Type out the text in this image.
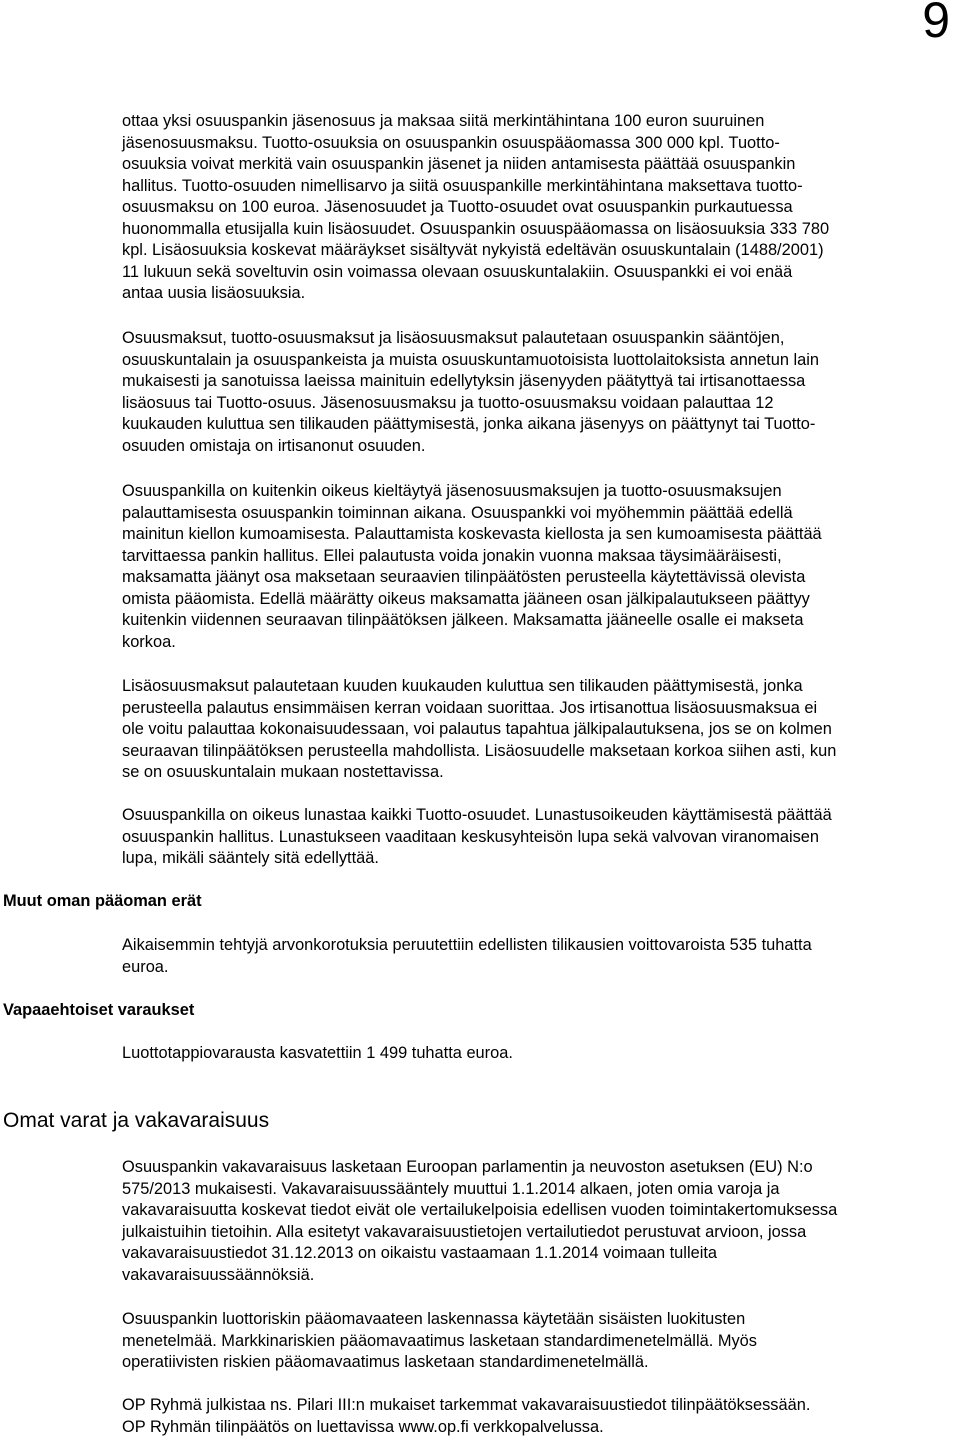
9

ottaa yksi osuuspankin jäsenosuus ja maksaa siitä merkintähintana 100 euron suuruinen
jäsenosuusmaksu. Tuotto-osuuksia on osuuspankin osuuspääomassa 300 000 kpl. Tuotto-
osuuksia voivat merkitä vain osuuspankin jäsenet ja niiden antamisesta päättää osuuspankin
hallitus. Tuotto-osuuden nimellisarvo ja siitä osuuspankille merkintähintana maksettava tuotto-
osuusmaksu on 100 euroa. Jäsenosuudet ja Tuotto-osuudet ovat osuuspankin purkautuessa
huonommalla etusijalla kuin lisäosuudet. Osuuspankin osuuspääomassa on lisäosuuksia 333 780
kpl. Lisäosuuksia koskevat määräykset sisältyvät nykyistä edeltävän osuuskuntalain (1488/2001)
11 lukuun sekä soveltuvin osin voimassa olevaan osuuskuntalakiin. Osuuspankki ei voi enää
antaa uusia lisäosuuksia.

Osuusmaksut, tuotto-osuusmaksut ja lisäosuusmaksut palautetaan osuuspankin sääntöjen,
osuuskuntalain ja osuuspankeista ja muista osuuskuntamuotoisista luottolaitoksista annetun lain
mukaisesti ja sanotuissa laeissa mainituin edellytyksin jäsenyyden päätyttyä tai irtisanottaessa
lisäosuus tai Tuotto-osuus. Jäsenosuusmaksu ja tuotto-osuusmaksu voidaan palauttaa 12
kuukauden kuluttua sen tilikauden päättymisestä, jonka aikana jäsenyys on päättynyt tai Tuotto-
osuuden omistaja on irtisanonut osuuden.

Osuuspankilla on kuitenkin oikeus kieltäytyä jäsenosuusmaksujen ja tuotto-osuusmaksujen
palauttamisesta osuuspankin toiminnan aikana. Osuuspankki voi myöhemmin päättää edellä
mainitun kiellon kumoamisesta. Palauttamista koskevasta kiellosta ja sen kumoamisesta päättää
tarvittaessa pankin hallitus. Ellei palautusta voida jonakin vuonna maksaa täysimääräisesti,
maksamatta jäänyt osa maksetaan seuraavien tilinpäätösten perusteella käytettävissä olevista
omista pääomista. Edellä määrätty oikeus maksamatta jääneen osan jälkipalautukseen päättyy
kuitenkin viidennen seuraavan tilinpäätöksen jälkeen. Maksamatta jääneelle osalle ei makseta
korkoa.

Lisäosuusmaksut palautetaan kuuden kuukauden kuluttua sen tilikauden päättymisestä, jonka
perusteella palautus ensimmäisen kerran voidaan suorittaa. Jos irtisanottua lisäosuusmaksua ei
ole voitu palauttaa kokonaisuudessaan, voi palautus tapahtua jälkipalautuksena, jos se on kolmen
seuraavan tilinpäätöksen perusteella mahdollista. Lisäosuudelle maksetaan korkoa siihen asti, kun
se on osuuskuntalain mukaan nostettavissa.

Osuuspankilla on oikeus lunastaa kaikki Tuotto-osuudet. Lunastusoikeuden käyttämisestä päättää
osuuspankin hallitus. Lunastukseen vaaditaan keskusyhteisön lupa sekä valvovan viranomaisen
lupa, mikäli sääntely sitä edellyttää.

Muut oman pääoman erät

Aikaisemmin tehtyjä arvonkorotuksia peruutettiin edellisten tilikausien voittovaroista 535 tuhatta
euroa.

Vapaaehtoiset varaukset

Luottotappiovarausta kasvatettiin 1 499 tuhatta euroa.

Omat varat ja vakavaraisuus

Osuuspankin vakavaraisuus lasketaan Euroopan parlamentin ja neuvoston asetuksen (EU) N:o
575/2013 mukaisesti. Vakavaraisuussääntely muuttui 1.1.2014 alkaen, joten omia varoja ja
vakavaraisuutta koskevat tiedot eivät ole vertailukelpoisia edellisen vuoden toimintakertomuksessa
julkaistuihin tietoihin. Alla esitetyt vakavaraisuustietojen vertailutiedot perustuvat arvioon, jossa
vakavaraisuustiedot 31.12.2013 on oikaistu vastaamaan 1.1.2014 voimaan tulleita
vakavaraisuussäännöksiä.

Osuuspankin luottoriskin pääomavaateen laskennassa käytetään sisäisten luokitusten
menetelmää. Markkinariskien pääomavaatimus lasketaan standardimenetelmällä. Myös
operatiivisten riskien pääomavaatimus lasketaan standardimenetelmällä.

OP Ryhmä julkistaa ns. Pilari III:n mukaiset tarkemmat vakavaraisuustiedot tilinpäätöksessään.
OP Ryhmän tilinpäätös on luettavissa www.op.fi verkkopalvelussa.
